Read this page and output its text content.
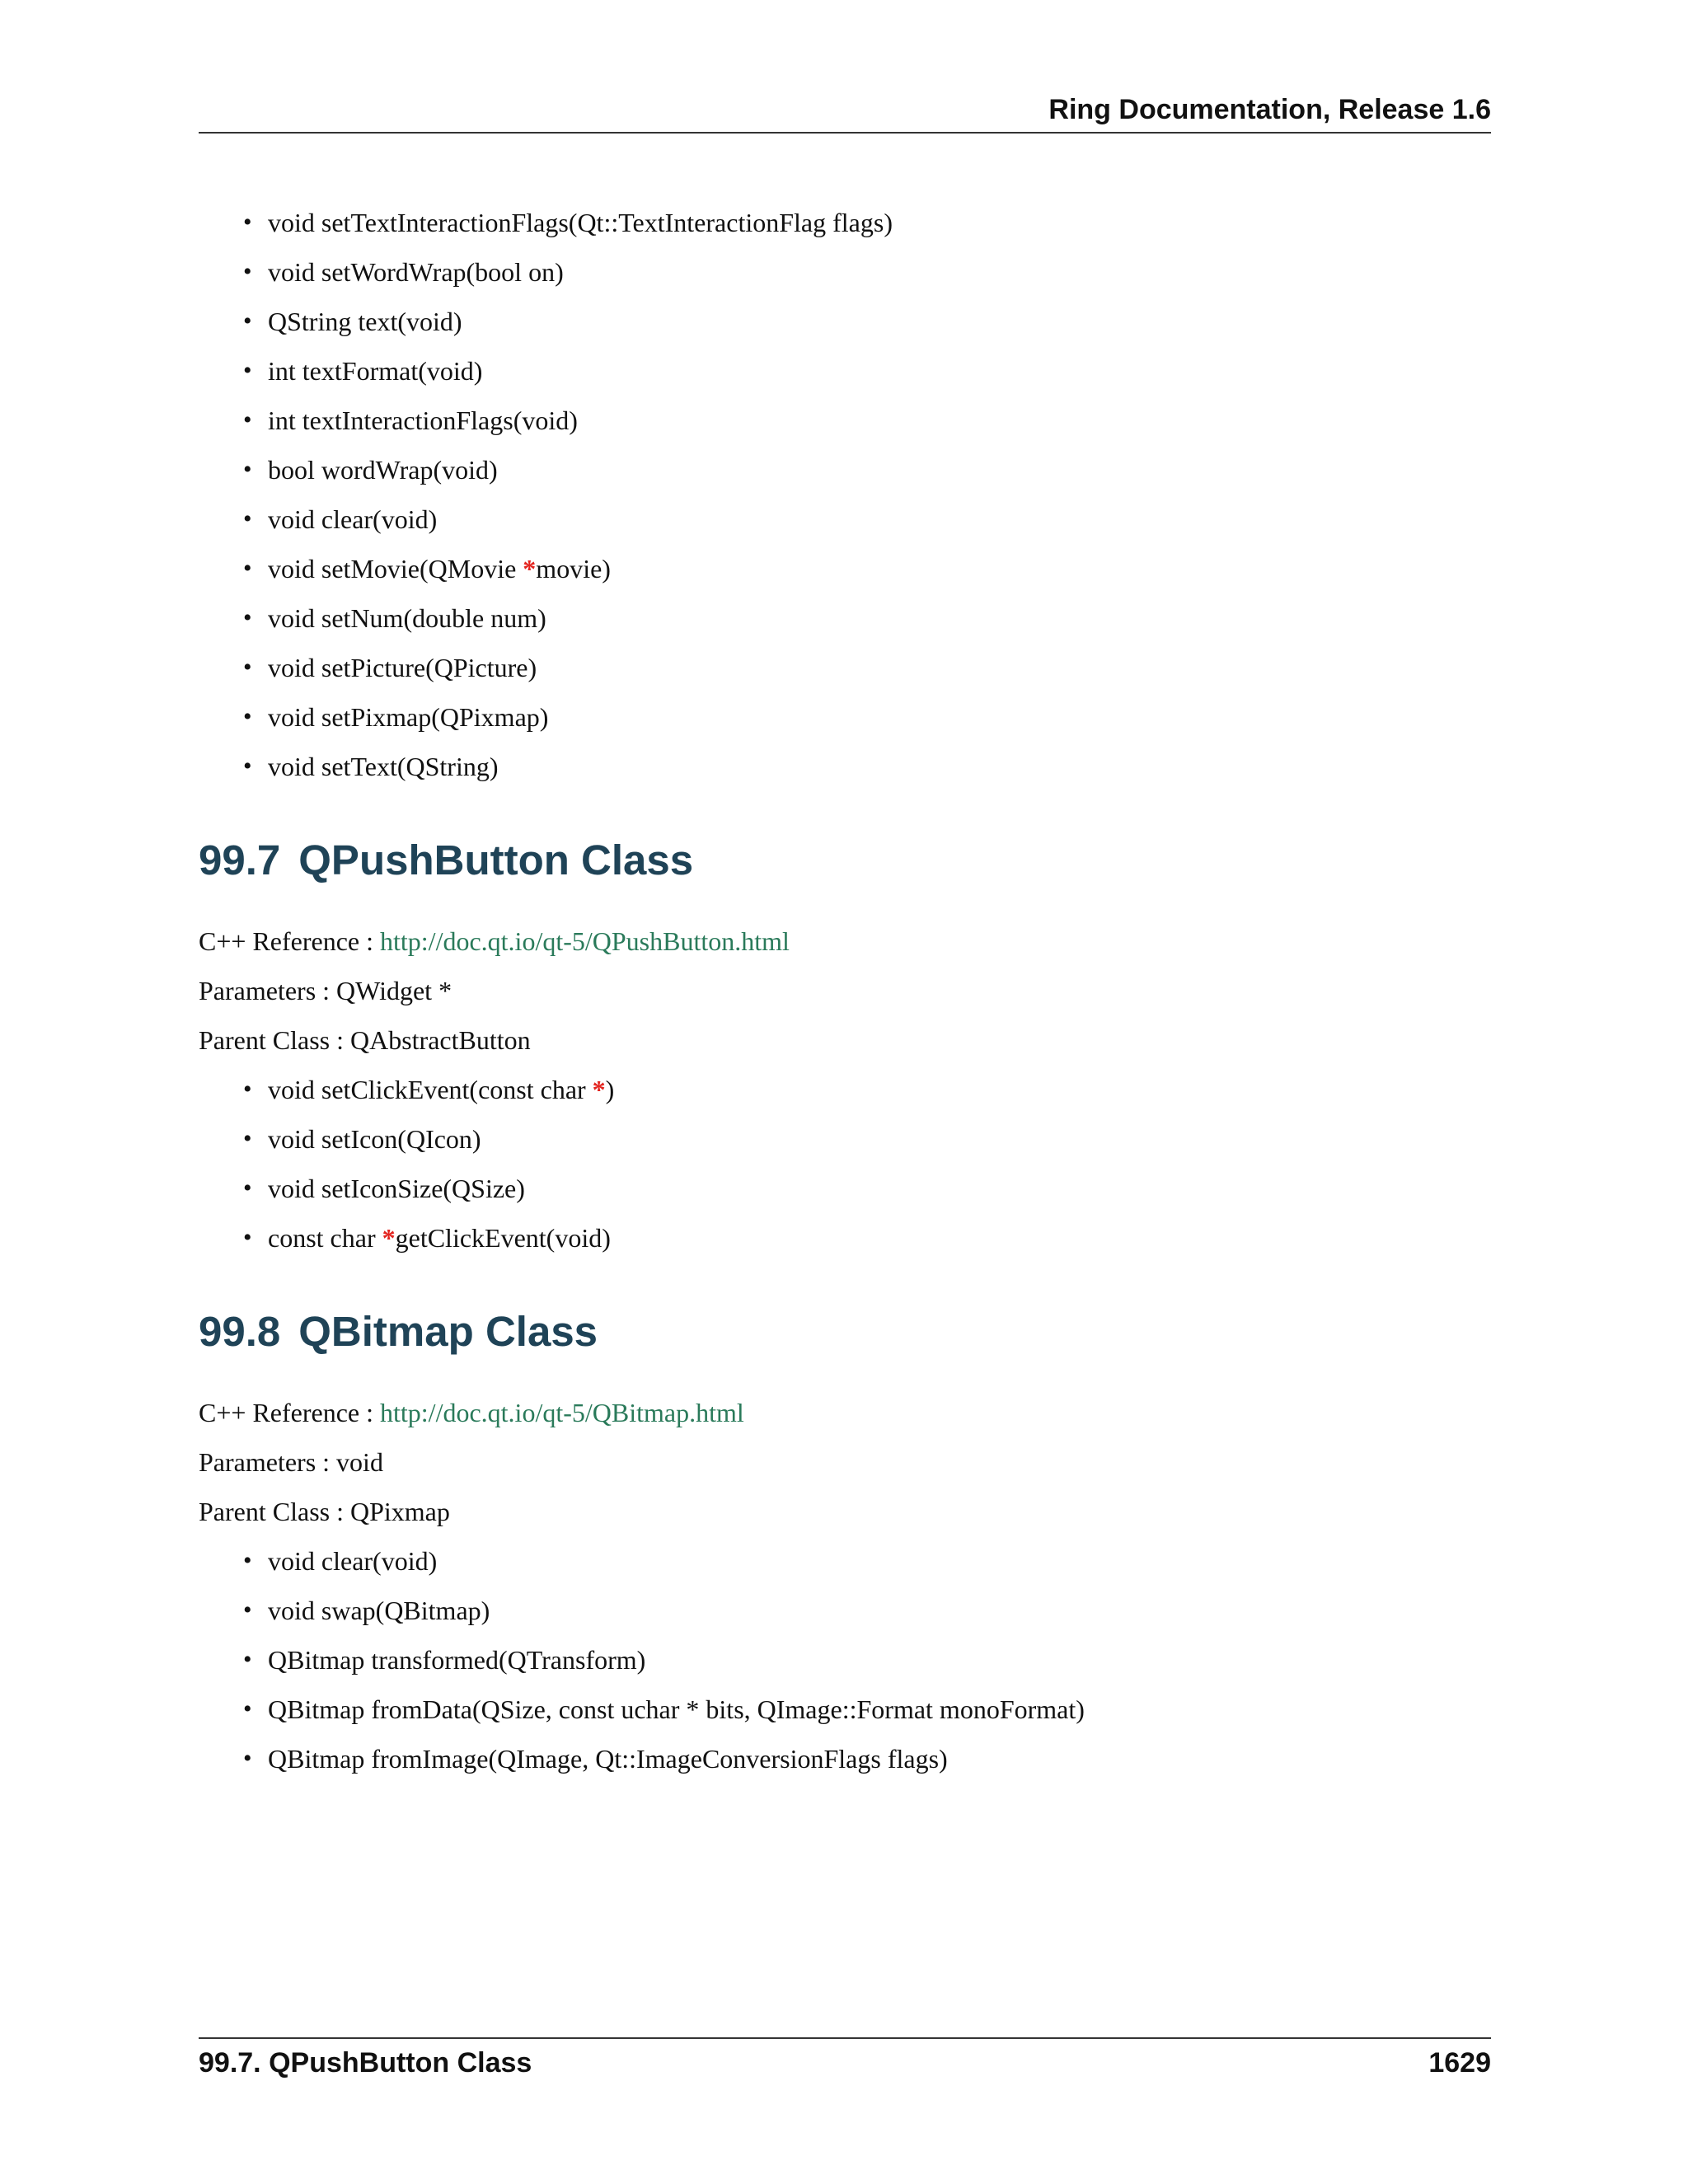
Ring Documentation, Release 1.6
• void setTextInteractionFlags(Qt::TextInteractionFlag flags)
• void setWordWrap(bool on)
• QString text(void)
• int textFormat(void)
• int textInteractionFlags(void)
• bool wordWrap(void)
• void clear(void)
• void setMovie(QMovie *movie)
• void setNum(double num)
• void setPicture(QPicture)
• void setPixmap(QPixmap)
• void setText(QString)
99.7 QPushButton Class
C++ Reference : http://doc.qt.io/qt-5/QPushButton.html
Parameters : QWidget *
Parent Class : QAbstractButton
• void setClickEvent(const char *)
• void setIcon(QIcon)
• void setIconSize(QSize)
• const char *getClickEvent(void)
99.8 QBitmap Class
C++ Reference : http://doc.qt.io/qt-5/QBitmap.html
Parameters : void
Parent Class : QPixmap
• void clear(void)
• void swap(QBitmap)
• QBitmap transformed(QTransform)
• QBitmap fromData(QSize, const uchar * bits, QImage::Format monoFormat)
• QBitmap fromImage(QImage, Qt::ImageConversionFlags flags)
99.7. QPushButton Class	1629
